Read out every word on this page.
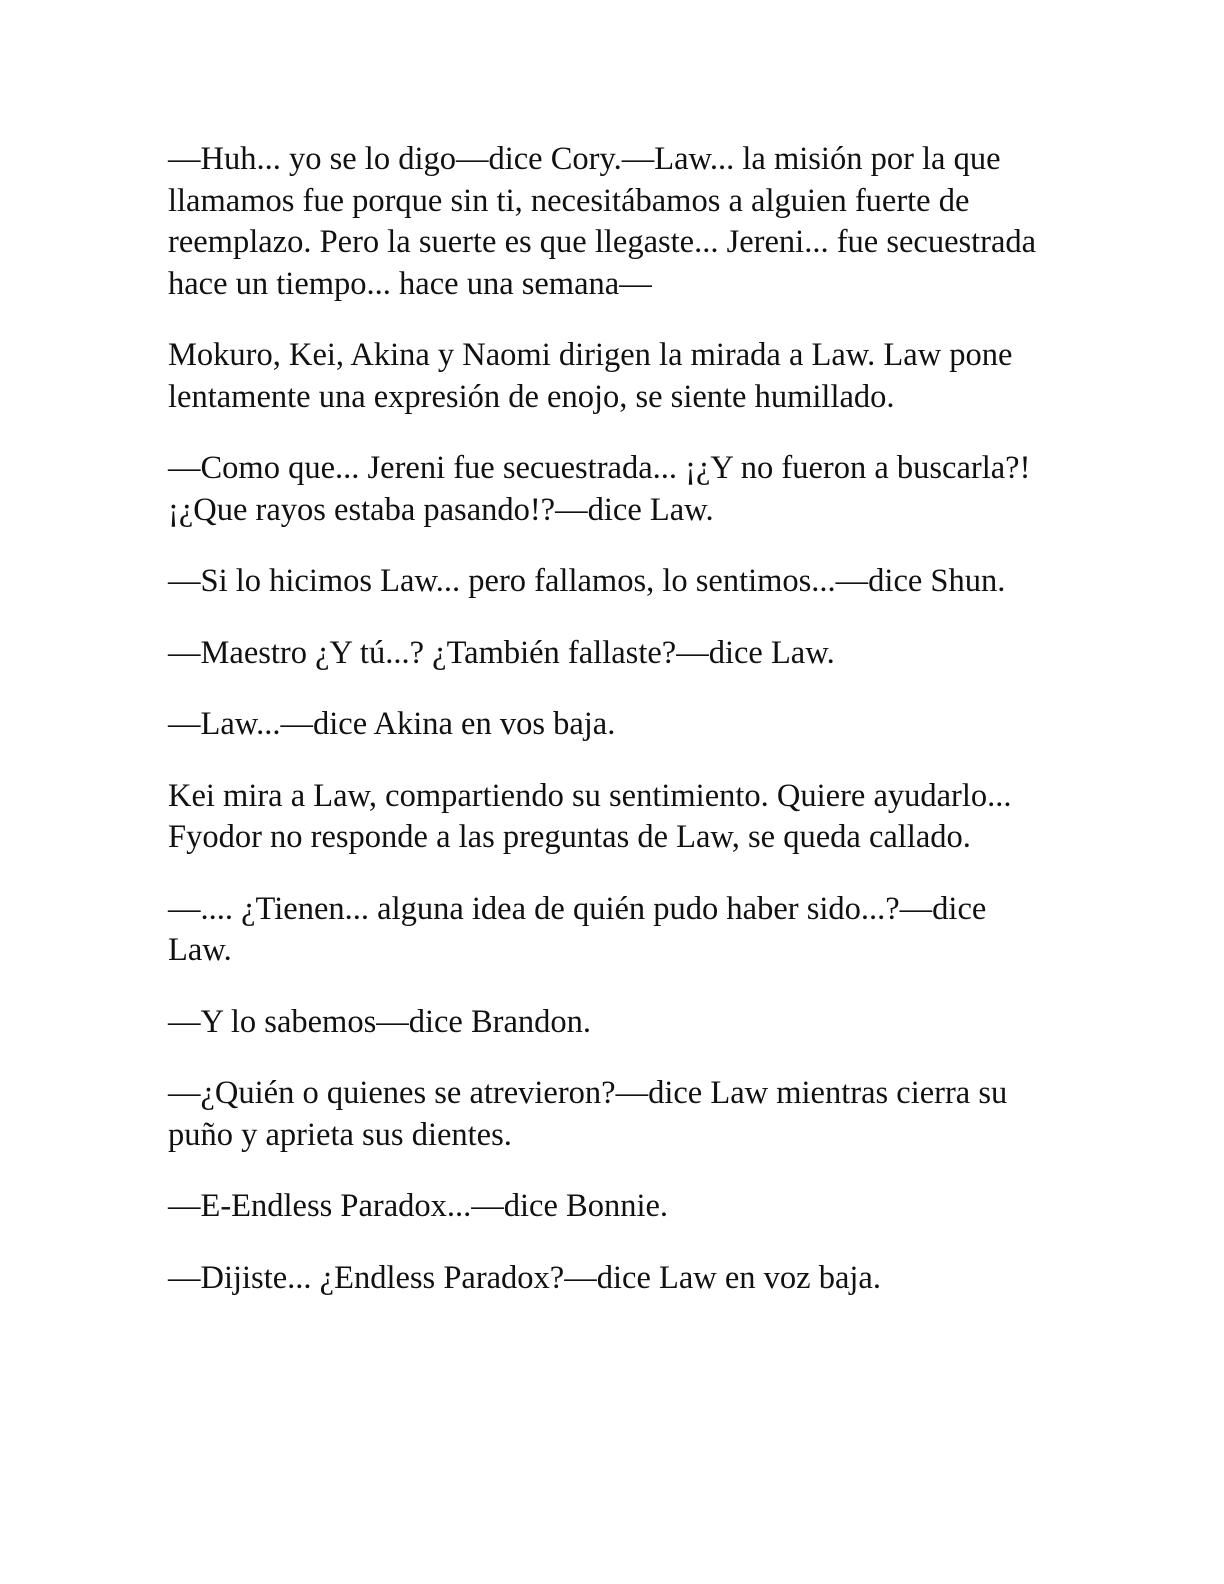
—Huh... yo se lo digo—dice Cory.—Law... la misión por la que llamamos fue porque sin ti, necesitábamos a alguien fuerte de reemplazo. Pero la suerte es que llegaste... Jereni... fue secuestrada hace un tiempo... hace una semana—

Mokuro, Kei, Akina y Naomi dirigen la mirada a Law. Law pone lentamente una expresión de enojo, se siente humillado.

—Como que... Jereni fue secuestrada... ¡¿Y no fueron a buscarla?! ¡¿Que rayos estaba pasando!?—dice Law.

—Si lo hicimos Law... pero fallamos, lo sentimos...—dice Shun.

—Maestro ¿Y tú...? ¿También fallaste?—dice Law.

—Law...—dice Akina en vos baja.

Kei mira a Law, compartiendo su sentimiento. Quiere ayudarlo... Fyodor no responde a las preguntas de Law, se queda callado.

—.... ¿Tienen... alguna idea de quién pudo haber sido...?—dice Law.

—Y lo sabemos—dice Brandon.

—¿Quién o quienes se atrevieron?—dice Law mientras cierra su puño y aprieta sus dientes.

—E-Endless Paradox...—dice Bonnie.

—Dijiste... ¿Endless Paradox?—dice Law en voz baja.
